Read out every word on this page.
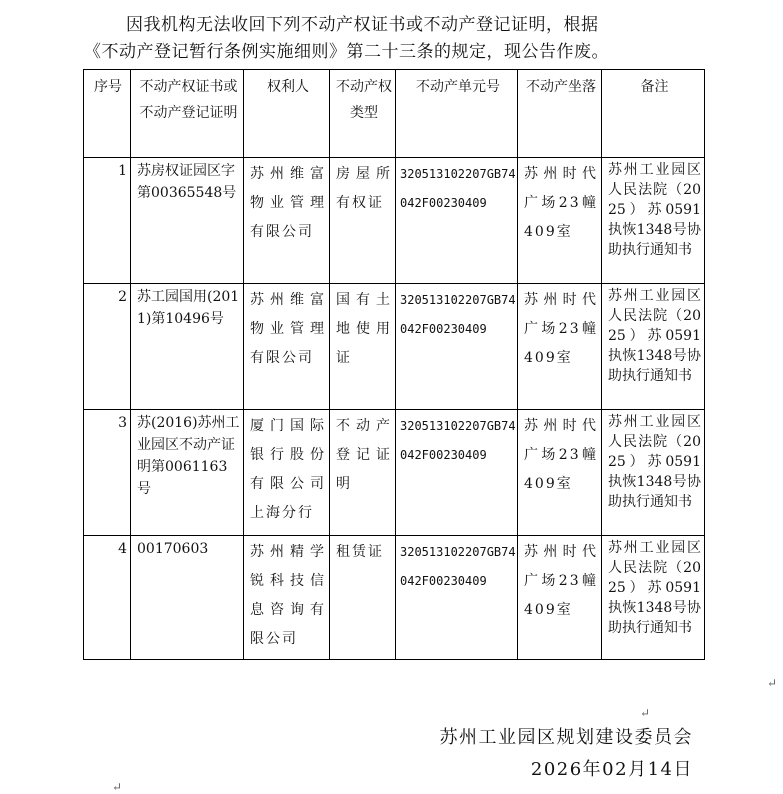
因我机构无法收回下列不动产权证书或不动产登记证明，根据
《不动产登记暂行条例实施细则》第二十三条的规定，现公告作废。
序号	不动产权证书或不动产登记证明	权利人	不动产权类型	不动产单元号	不动产坐落	备注
1	苏房权证园区字第00365548号	苏州维富物业管理有限公司	房屋所有权证	320513102207GB74042F00230409	苏州时代广场23幢409室	苏州工业园区人民法院（2025）苏0591执恢1348号协助执行通知书
2	苏工园国用(2011)第10496号	苏州维富物业管理有限公司	国有土地使用证	320513102207GB74042F00230409	苏州时代广场23幢409室	苏州工业园区人民法院（2025）苏0591执恢1348号协助执行通知书
3	苏(2016)苏州工业园区不动产证明第0061163号	厦门国际银行股份有限公司上海分行	不动产登记证明	320513102207GB74042F00230409	苏州时代广场23幢409室	苏州工业园区人民法院（2025）苏0591执恢1348号协助执行通知书
4	00170603	苏州精学锐科技信息咨询有限公司	租赁证	320513102207GB74042F00230409	苏州时代广场23幢409室	苏州工业园区人民法院（2025）苏0591执恢1348号协助执行通知书
↵
↵
↵
苏州工业园区规划建设委员会
2026年02月14日
